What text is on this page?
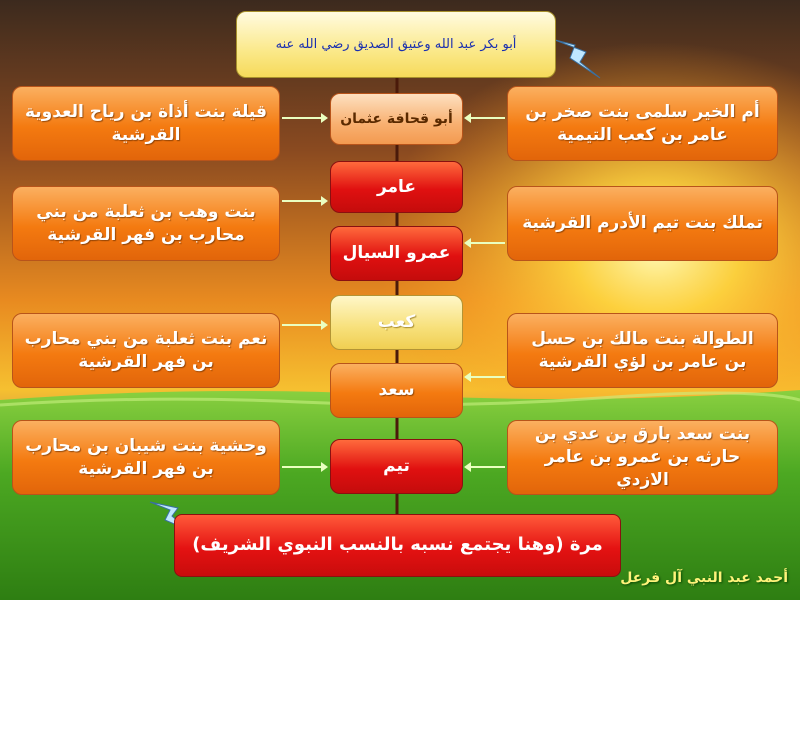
أبو بكر عبد الله وعتيق الصديق رضي الله عنه
أبو قحافة عثمان
عامر
عمرو السيال
كعب
سعد
تيم
قيلة بنت أذاة بن رياح العدوية القرشية
بنت وهب بن ثعلبة من بني محارب بن فهر القرشية
نعم بنت ثعلبة من بني محارب بن فهر القرشية
وحشية بنت شيبان بن محارب بن فهر القرشية
أم الخير سلمى بنت صخر بن عامر بن كعب التيمية
تملك بنت تيم الأدرم القرشية
الطوالة بنت مالك بن حسل بن عامر بن لؤي القرشية
بنت سعد بارق بن عدي بن حارثه بن عمرو بن عامر الازدي
مرة (وهنا يجتمع نسبه بالنسب النبوي الشريف)
أحمد عبد النبي آل فرعل
